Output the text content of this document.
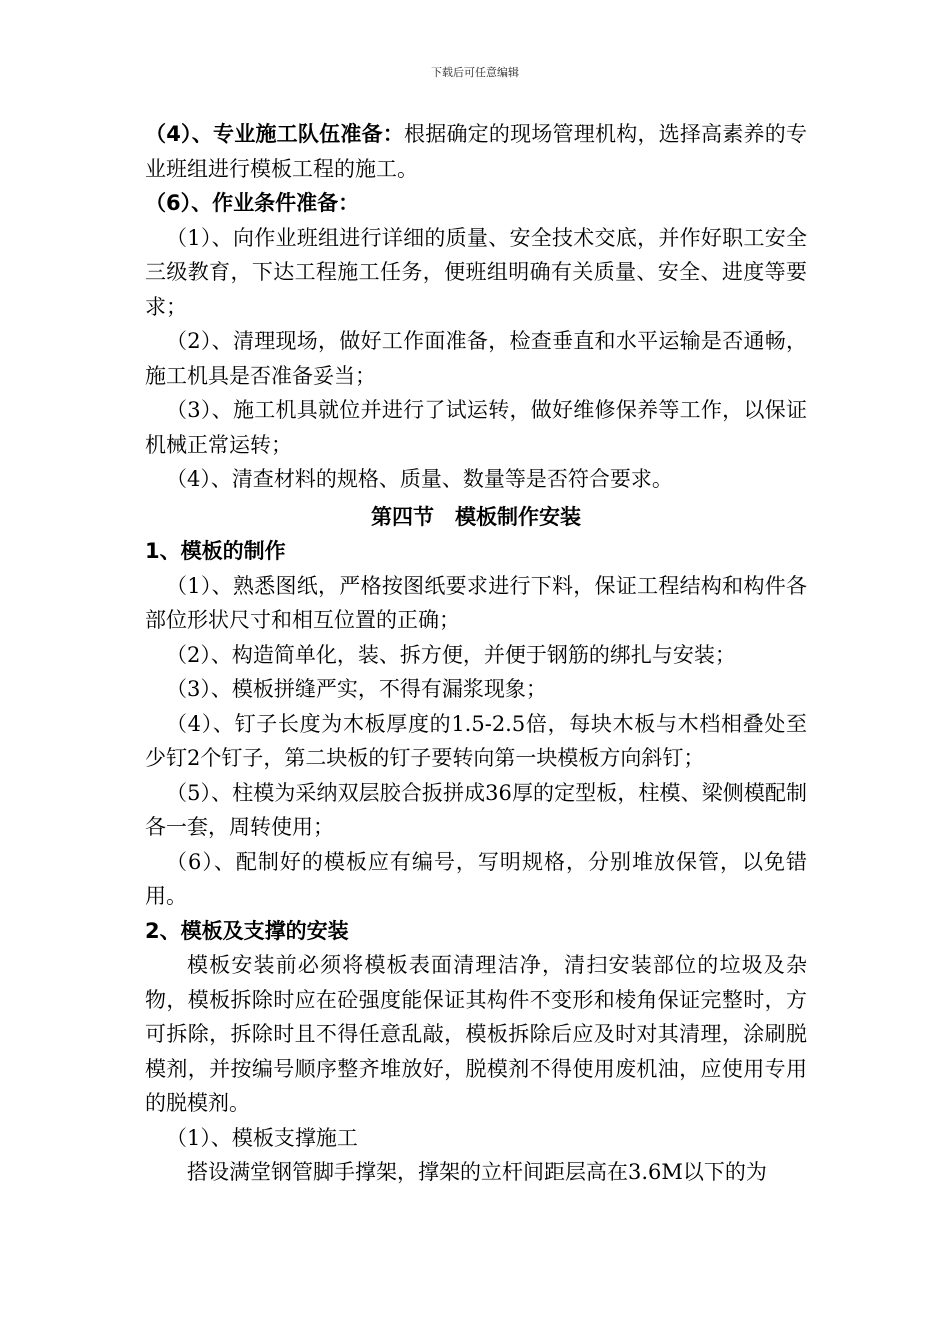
下载后可任意编辑

（4）、专业施工队伍准备：根据确定的现场管理机构，选择高素养的专业班组进行模板工程的施工。

（6）、作业条件准备：

（1）、向作业班组进行详细的质量、安全技术交底，并作好职工安全三级教育，下达工程施工任务，便班组明确有关质量、安全、进度等要求；

（2）、清理现场，做好工作面准备，检查垂直和水平运输是否通畅，施工机具是否准备妥当；

（3）、施工机具就位并进行了试运转，做好维修保养等工作，以保证机械正常运转；

（4）、清查材料的规格、质量、数量等是否符合要求。

第四节　模板制作安装

1、模板的制作

（1）、熟悉图纸，严格按图纸要求进行下料，保证工程结构和构件各部位形状尺寸和相互位置的正确；

（2）、构造简单化，装、拆方便，并便于钢筋的绑扎与安装；

（3）、模板拼缝严实，不得有漏浆现象；

（4）、钉子长度为木板厚度的1.5-2.5倍，每块木板与木档相叠处至少钉2个钉子，第二块板的钉子要转向第一块模板方向斜钉；

（5）、柱模为采纳双层胶合扳拼成36厚的定型板，柱模、梁侧模配制各一套，周转使用；

（6）、配制好的模板应有编号，写明规格，分别堆放保管，以免错用。

2、模板及支撑的安装

模板安装前必须将模板表面清理洁净，清扫安装部位的垃圾及杂物，模板拆除时应在砼强度能保证其构件不变形和棱角保证完整时，方可拆除，拆除时且不得任意乱敲，模板拆除后应及时对其清理，涂刷脱模剂，并按编号顺序整齐堆放好，脱模剂不得使用废机油，应使用专用的脱模剂。

（1）、模板支撑施工

搭设满堂钢管脚手撑架，撑架的立杆间距层高在3.6M以下的为
